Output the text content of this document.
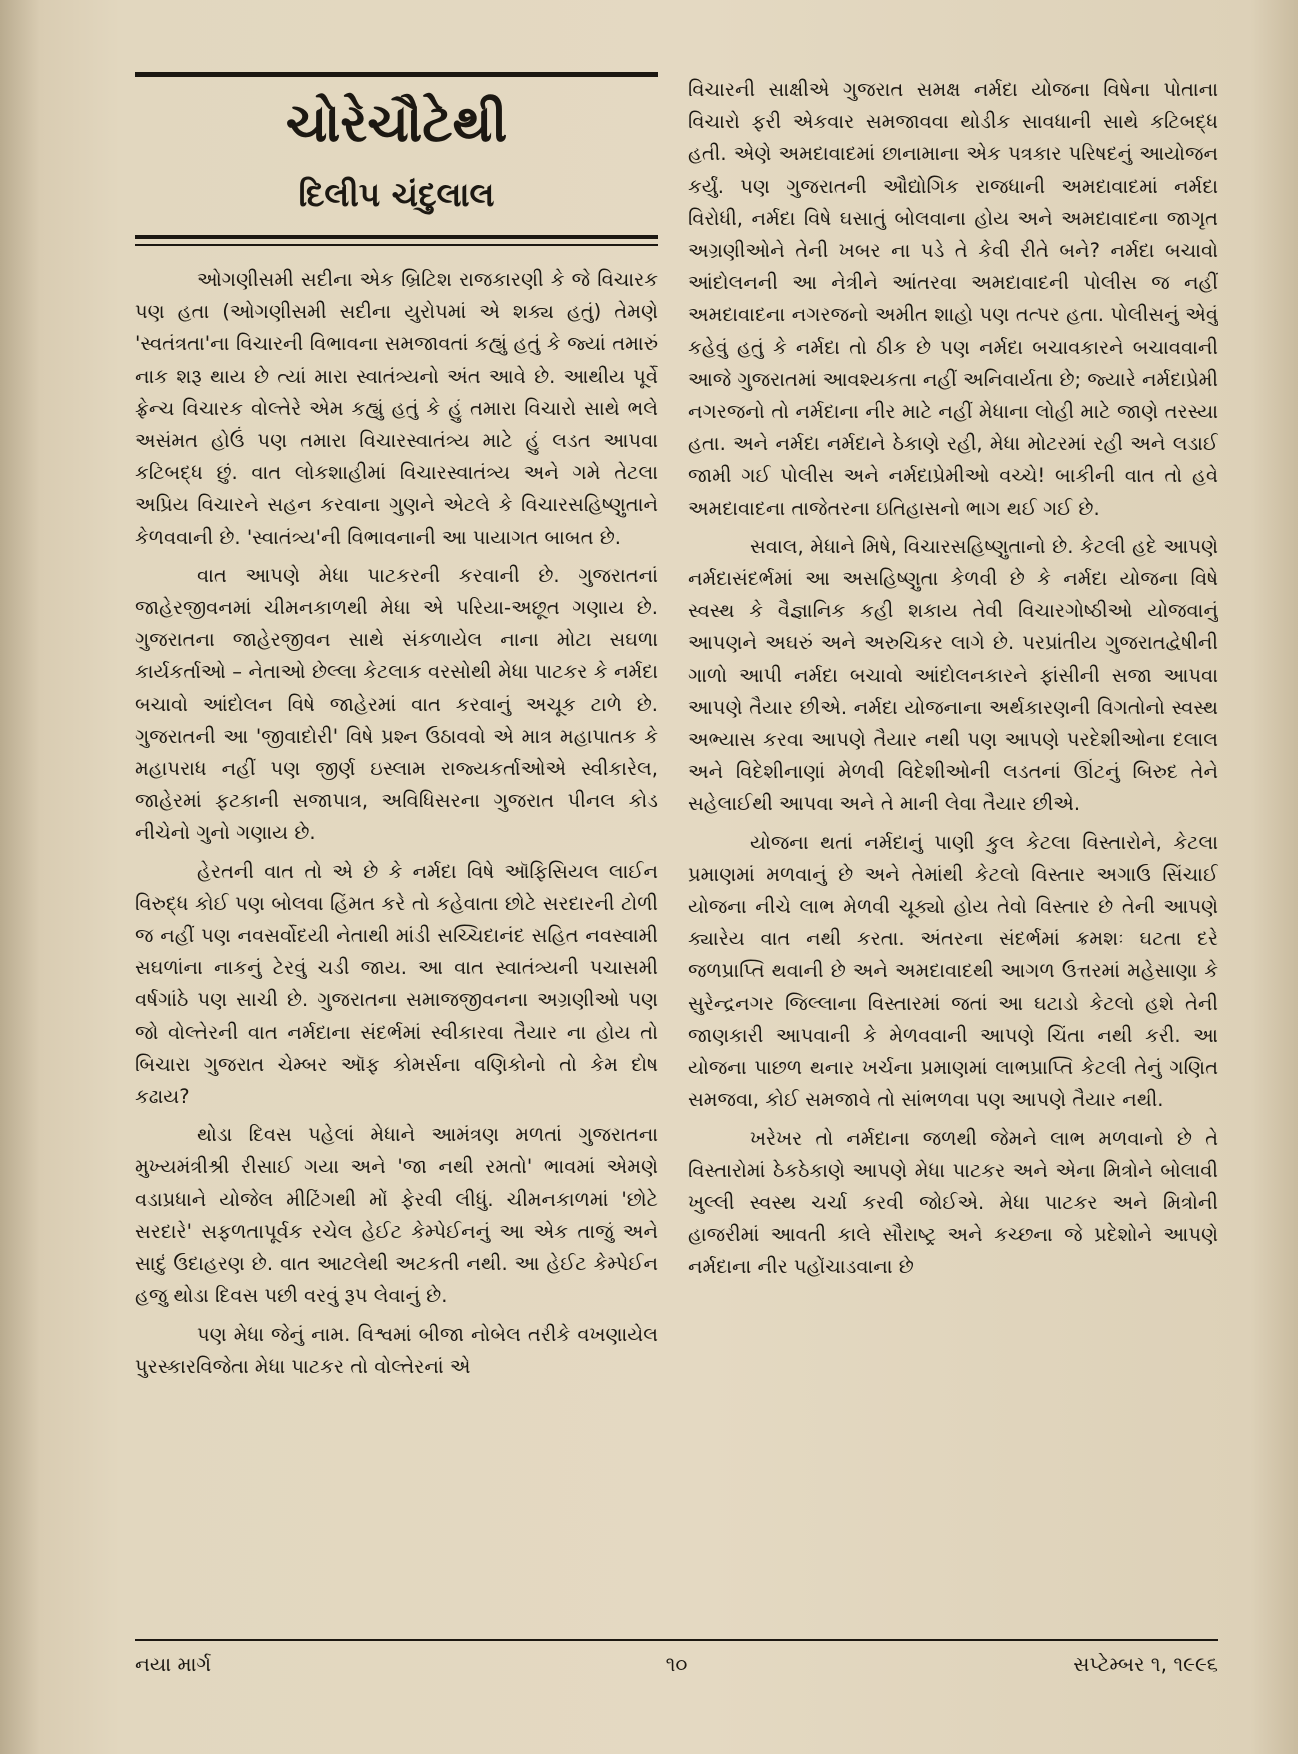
ચોરેચૌટેથી
દિલીપ ચંદુલાલ

ઓગણીસમી સદીના એક બ્રિટિશ રાજકારણી કે જે વિચારક પણ હતા (ઓગણીસમી સદીના યુરોપમાં એ શક્ય હતું) તેમણે 'સ્વતંત્રતા'ના વિચારની વિભાવના સમજાવતાં કહ્યું હતું કે જ્યાં તમારું નાક શરૂ થાય છે ત્યાં મારા સ્વાતંત્ર્યનો અંત આવે છે. આથીય પૂર્વે ફ્રેન્ચ વિચારક વોલ્તેરે એમ કહ્યું હતું કે હું તમારા વિચારો સાથે ભલે અસંમત હોઉં પણ તમારા વિચારસ્વાતંત્ર્ય માટે હું લડત આપવા કટિબદ્ધ છું. વાત લોકશાહીમાં વિચારસ્વાતંત્ર્ય અને ગમે તેટલા અપ્રિય વિચારને સહન કરવાના ગુણને એટલે કે વિચારસહિષ્ણુતાને કેળવવાની છે. 'સ્વાતંત્ર્ય'ની વિભાવનાની આ પાયાગત બાબત છે.

વાત આપણે મેધા પાટકરની કરવાની છે. ગુજરાતનાં જાહેરજીવનમાં ચીમનકાળથી મેધા એ પરિયા-અછૂત ગણાય છે. ગુજરાતના જાહેરજીવન સાથે સંકળાયેલ નાના મોટા સઘળા કાર્યકર્તાઓ – નેતાઓ છેલ્લા કેટલાક વરસોથી મેધા પાટકર કે નર્મદા બચાવો આંદોલન વિષે જાહેરમાં વાત કરવાનું અચૂક ટાળે છે. ગુજરાતની આ 'જીવાદોરી' વિષે પ્રશ્ન ઉઠાવવો એ માત્ર મહાપાતક કે મહાપરાધ નહીં પણ જીર્ણ ઇસ્લામ રાજ્યકર્તાઓએ સ્વીકારેલ, જાહેરમાં ફટકાની સજાપાત્ર, અવિધિસરના ગુજરાત પીનલ કોડ નીચેનો ગુનો ગણાય છે.

હેરતની વાત તો એ છે કે નર્મદા વિષે ઑફિસિયલ લાઈન વિરુદ્ધ કોઈ પણ બોલવા હિંમત કરે તો કહેવાતા છોટે સરદારની ટોળી જ નહીં પણ નવસર્વોદયી નેતાથી માંડી સચ્ચિદાનંદ સહિત નવસ્વામી સઘળાંના નાકનું ટેરવું ચડી જાય. આ વાત સ્વાતંત્ર્યની પચાસમી વર્ષગાંઠે પણ સાચી છે. ગુજરાતના સમાજજીવનના અગ્રણીઓ પણ જો વોલ્તેરની વાત નર્મદાના સંદર્ભમાં સ્વીકારવા તૈયાર ના હોય તો બિચારા ગુજરાત ચેમ્બર ઑફ કોમર્સના વણિકોનો તો કેમ દોષ કઢાય?

થોડા દિવસ પહેલાં મેધાને આમંત્રણ મળતાં ગુજરાતના મુખ્યમંત્રીશ્રી રીસાઈ ગયા અને 'જા નથી રમતો' ભાવમાં એમણે વડાપ્રધાને યોજેલ મીટિંગથી મોં ફેરવી લીધું. ચીમનકાળમાં 'છોટે સરદારે' સફળતાપૂર્વક રચેલ હેઈટ કેમ્પેઈનનું આ એક તાજું અને સાદું ઉદાહરણ છે. વાત આટલેથી અટકતી નથી. આ હેઈટ કેમ્પેઈન હજુ થોડા દિવસ પછી વરવું રૂપ લેવાનું છે.

પણ મેધા જેનું નામ. વિશ્વમાં બીજા નોબેલ તરીકે વખણાયેલ પુરસ્કારવિજેતા મેધા પાટકર તો વોલ્તેરનાં એ

વિચારની સાક્ષીએ ગુજરાત સમક્ષ નર્મદા યોજના વિષેના પોતાના વિચારો ફરી એકવાર સમજાવવા થોડીક સાવધાની સાથે કટિબદ્ધ હતી. એણે અમદાવાદમાં છાનામાના એક પત્રકાર પરિષદનું આયોજન કર્યું. પણ ગુજરાતની ઔદ્યોગિક રાજધાની અમદાવાદમાં નર્મદા વિરોધી, નર્મદા વિષે ઘસાતું બોલવાના હોય અને અમદાવાદના જાગૃત અગ્રણીઓને તેની ખબર ના પડે તે કેવી રીતે બને? નર્મદા બચાવો આંદોલનની આ નેત્રીને આંતરવા અમદાવાદની પોલીસ જ નહીં અમદાવાદના નગરજનો અમીત શાહો પણ તત્પર હતા. પોલીસનું એવું કહેવું હતું કે નર્મદા તો ઠીક છે પણ નર્મદા બચાવકારને બચાવવાની આજે ગુજરાતમાં આવશ્યકતા નહીં અનિવાર્યતા છે; જ્યારે નર્મદાપ્રેમી નગરજનો તો નર્મદાના નીર માટે નહીં મેધાના લોહી માટે જાણે તરસ્યા હતા. અને નર્મદા નર્મદાને ઠેકાણે રહી, મેધા મોટરમાં રહી અને લડાઈ જામી ગઈ પોલીસ અને નર્મદાપ્રેમીઓ વચ્ચે! બાકીની વાત તો હવે અમદાવાદના તાજેતરના ઇતિહાસનો ભાગ થઈ ગઈ છે.

સવાલ, મેધાને મિષે, વિચારસહિષ્ણુતાનો છે. કેટલી હદે આપણે નર્મદાસંદર્ભમાં આ અસહિષ્ણુતા કેળવી છે કે નર્મદા યોજના વિષે સ્વસ્થ કે વૈજ્ઞાનિક કહી શકાય તેવી વિચારગોષ્ઠીઓ યોજવાનું આપણને અઘરું અને અરુચિકર લાગે છે. પરપ્રાંતીય ગુજરાતદ્વેષીની ગાળો આપી નર્મદા બચાવો આંદોલનકારને ફાંસીની સજા આપવા આપણે તૈયાર છીએ. નર્મદા યોજનાના અર્થકારણની વિગતોનો સ્વસ્થ અભ્યાસ કરવા આપણે તૈયાર નથી પણ આપણે પરદેશીઓના દલાલ અને વિદેશીનાણાં મેળવી વિદેશીઓની લડતનાં ઊંટનું બિરુદ તેને સહેલાઈથી આપવા અને તે માની લેવા તૈયાર છીએ.

યોજના થતાં નર્મદાનું પાણી કુલ કેટલા વિસ્તારોને, કેટલા પ્રમાણમાં મળવાનું છે અને તેમાંથી કેટલો વિસ્તાર અગાઉ સિંચાઈ યોજના નીચે લાભ મેળવી ચૂક્યો હોય તેવો વિસ્તાર છે તેની આપણે ક્યારેય વાત નથી કરતા. અંતરના સંદર્ભમાં ક્રમશઃ ઘટતા દરે જળપ્રાપ્તિ થવાની છે અને અમદાવાદથી આગળ ઉત્તરમાં મહેસાણા કે સુરેન્દ્રનગર જિલ્લાના વિસ્તારમાં જતાં આ ઘટાડો કેટલો હશે તેની જાણકારી આપવાની કે મેળવવાની આપણે ચિંતા નથી કરી. આ યોજના પાછળ થનાર ખર્ચના પ્રમાણમાં લાભપ્રાપ્તિ કેટલી તેનું ગણિત સમજવા, કોઈ સમજાવે તો સાંભળવા પણ આપણે તૈયાર નથી.

ખરેખર તો નર્મદાના જળથી જેમને લાભ મળવાનો છે તે વિસ્તારોમાં ઠેકઠેકાણે આપણે મેધા પાટકર અને એના મિત્રોને બોલાવી ખુલ્લી સ્વસ્થ ચર્ચા કરવી જોઈએ. મેધા પાટકર અને મિત્રોની હાજરીમાં આવતી કાલે સૌરાષ્ટ્ર અને કચ્છના જે પ્રદેશોને આપણે નર્મદાના નીર પહોંચાડવાના છે

નયા માર્ગ	૧૦	સપ્ટેમ્બર ૧, ૧૯૯૬
